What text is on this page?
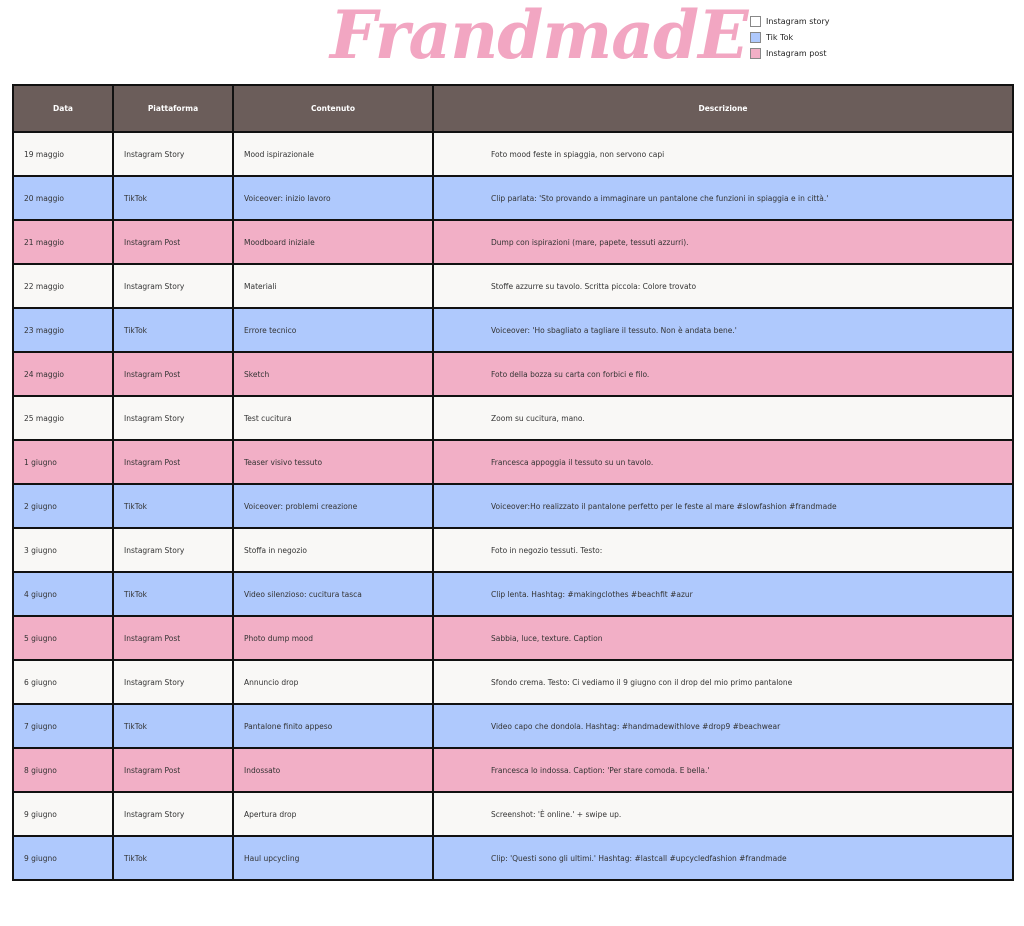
FrandmadE Instagram story
Tik Tok
Instagram post
Data	Piattaforma	Contenuto	Descrizione
19 maggio	Instagram Story	Mood ispirazionale	Foto mood feste in spiaggia, non servono capi
20 maggio	TikTok	Voiceover: inizio lavoro	Clip parlata: 'Sto provando a immaginare un pantalone che funzioni in spiaggia e in città.'
21 maggio	Instagram Post	Moodboard iniziale	Dump con ispirazioni (mare, papete, tessuti azzurri).
22 maggio	Instagram Story	Materiali	Stoffe azzurre su tavolo. Scritta piccola: Colore trovato
23 maggio	TikTok	Errore tecnico	Voiceover: 'Ho sbagliato a tagliare il tessuto. Non è andata bene.'
24 maggio	Instagram Post	Sketch	Foto della bozza su carta con forbici e filo.
25 maggio	Instagram Story	Test cucitura	Zoom su cucitura, mano.
1 giugno	Instagram Post	Teaser visivo tessuto	Francesca appoggia il tessuto su un tavolo.
2 giugno	TikTok	Voiceover: problemi creazione	Voiceover:Ho realizzato il pantalone perfetto per le feste al mare #slowfashion #frandmade
3 giugno	Instagram Story	Stoffa in negozio	Foto in negozio tessuti. Testo:
4 giugno	TikTok	Video silenzioso: cucitura tasca	Clip lenta. Hashtag: #makingclothes #beachfit #azur
5 giugno	Instagram Post	Photo dump mood	Sabbia, luce, texture. Caption
6 giugno	Instagram Story	Annuncio drop	Sfondo crema. Testo: Ci vediamo il 9 giugno con il drop del mio primo pantalone
7 giugno	TikTok	Pantalone finito appeso	Video capo che dondola. Hashtag: #handmadewithlove #drop9 #beachwear
8 giugno	Instagram Post	Indossato	Francesca lo indossa. Caption: 'Per stare comoda. E bella.'
9 giugno	Instagram Story	Apertura drop	Screenshot: 'È online.' + swipe up.
9 giugno	TikTok	Haul upcycling	Clip: 'Questi sono gli ultimi.' Hashtag: #lastcall #upcycledfashion #frandmade
